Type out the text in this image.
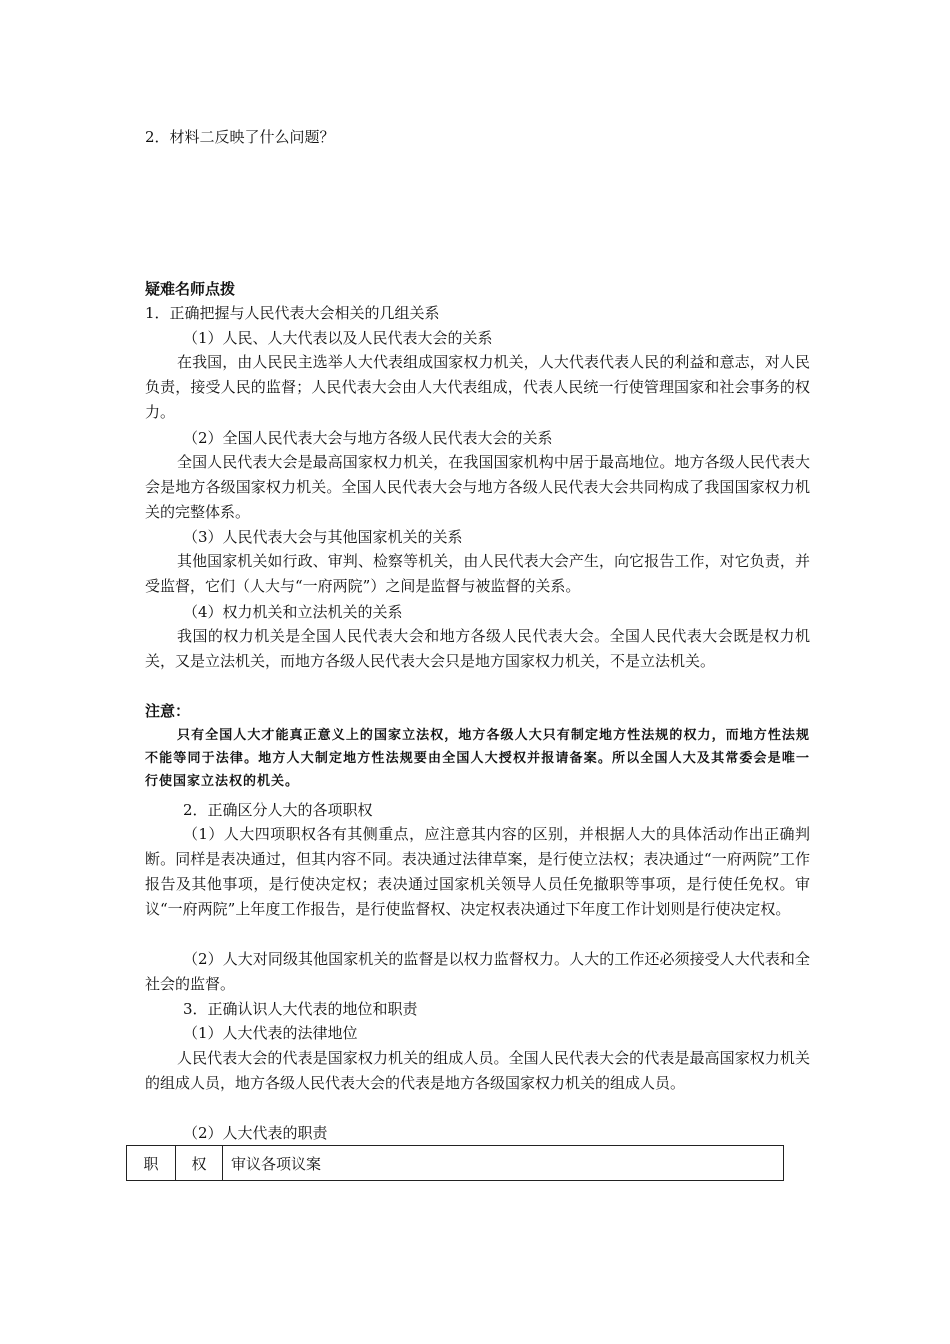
2．材料二反映了什么问题？
疑难名师点拨
1．正确把握与人民代表大会相关的几组关系
（1）人民、人大代表以及人民代表大会的关系
在我国，由人民民主选举人大代表组成国家权力机关，人大代表代表人民的利益和意志，对人民负责，接受人民的监督；人民代表大会由人大代表组成，代表人民统一行使管理国家和社会事务的权力。
（2）全国人民代表大会与地方各级人民代表大会的关系
全国人民代表大会是最高国家权力机关，在我国国家机构中居于最高地位。地方各级人民代表大会是地方各级国家权力机关。全国人民代表大会与地方各级人民代表大会共同构成了我国国家权力机关的完整体系。
（3）人民代表大会与其他国家机关的关系
其他国家机关如行政、审判、检察等机关，由人民代表大会产生，向它报告工作，对它负责，并受监督，它们（人大与“一府两院”）之间是监督与被监督的关系。
（4）权力机关和立法机关的关系
我国的权力机关是全国人民代表大会和地方各级人民代表大会。全国人民代表大会既是权力机关，又是立法机关，而地方各级人民代表大会只是地方国家权力机关，不是立法机关。
注意：
只有全国人大才能真正意义上的国家立法权，地方各级人大只有制定地方性法规的权力，而地方性法规不能等同于法律。地方人大制定地方性法规要由全国人大授权并报请备案。所以全国人大及其常委会是唯一行使国家立法权的机关。
2．正确区分人大的各项职权
（1）人大四项职权各有其侧重点，应注意其内容的区别，并根据人大的具体活动作出正确判断。同样是表决通过，但其内容不同。表决通过法律草案，是行使立法权；表决通过“一府两院”工作报告及其他事项，是行使决定权；表决通过国家机关领导人员任免撤职等事项，是行使任免权。审议“一府两院”上年度工作报告，是行使监督权、决定权表决通过下年度工作计划则是行使决定权。
（2）人大对同级其他国家机关的监督是以权力监督权力。人大的工作还必须接受人大代表和全社会的监督。
3．正确认识人大代表的地位和职责
（1）人大代表的法律地位
人民代表大会的代表是国家权力机关的组成人员。全国人民代表大会的代表是最高国家权力机关的组成人员，地方各级人民代表大会的代表是地方各级国家权力机关的组成人员。
（2）人大代表的职责
职	权	审议各项议案
